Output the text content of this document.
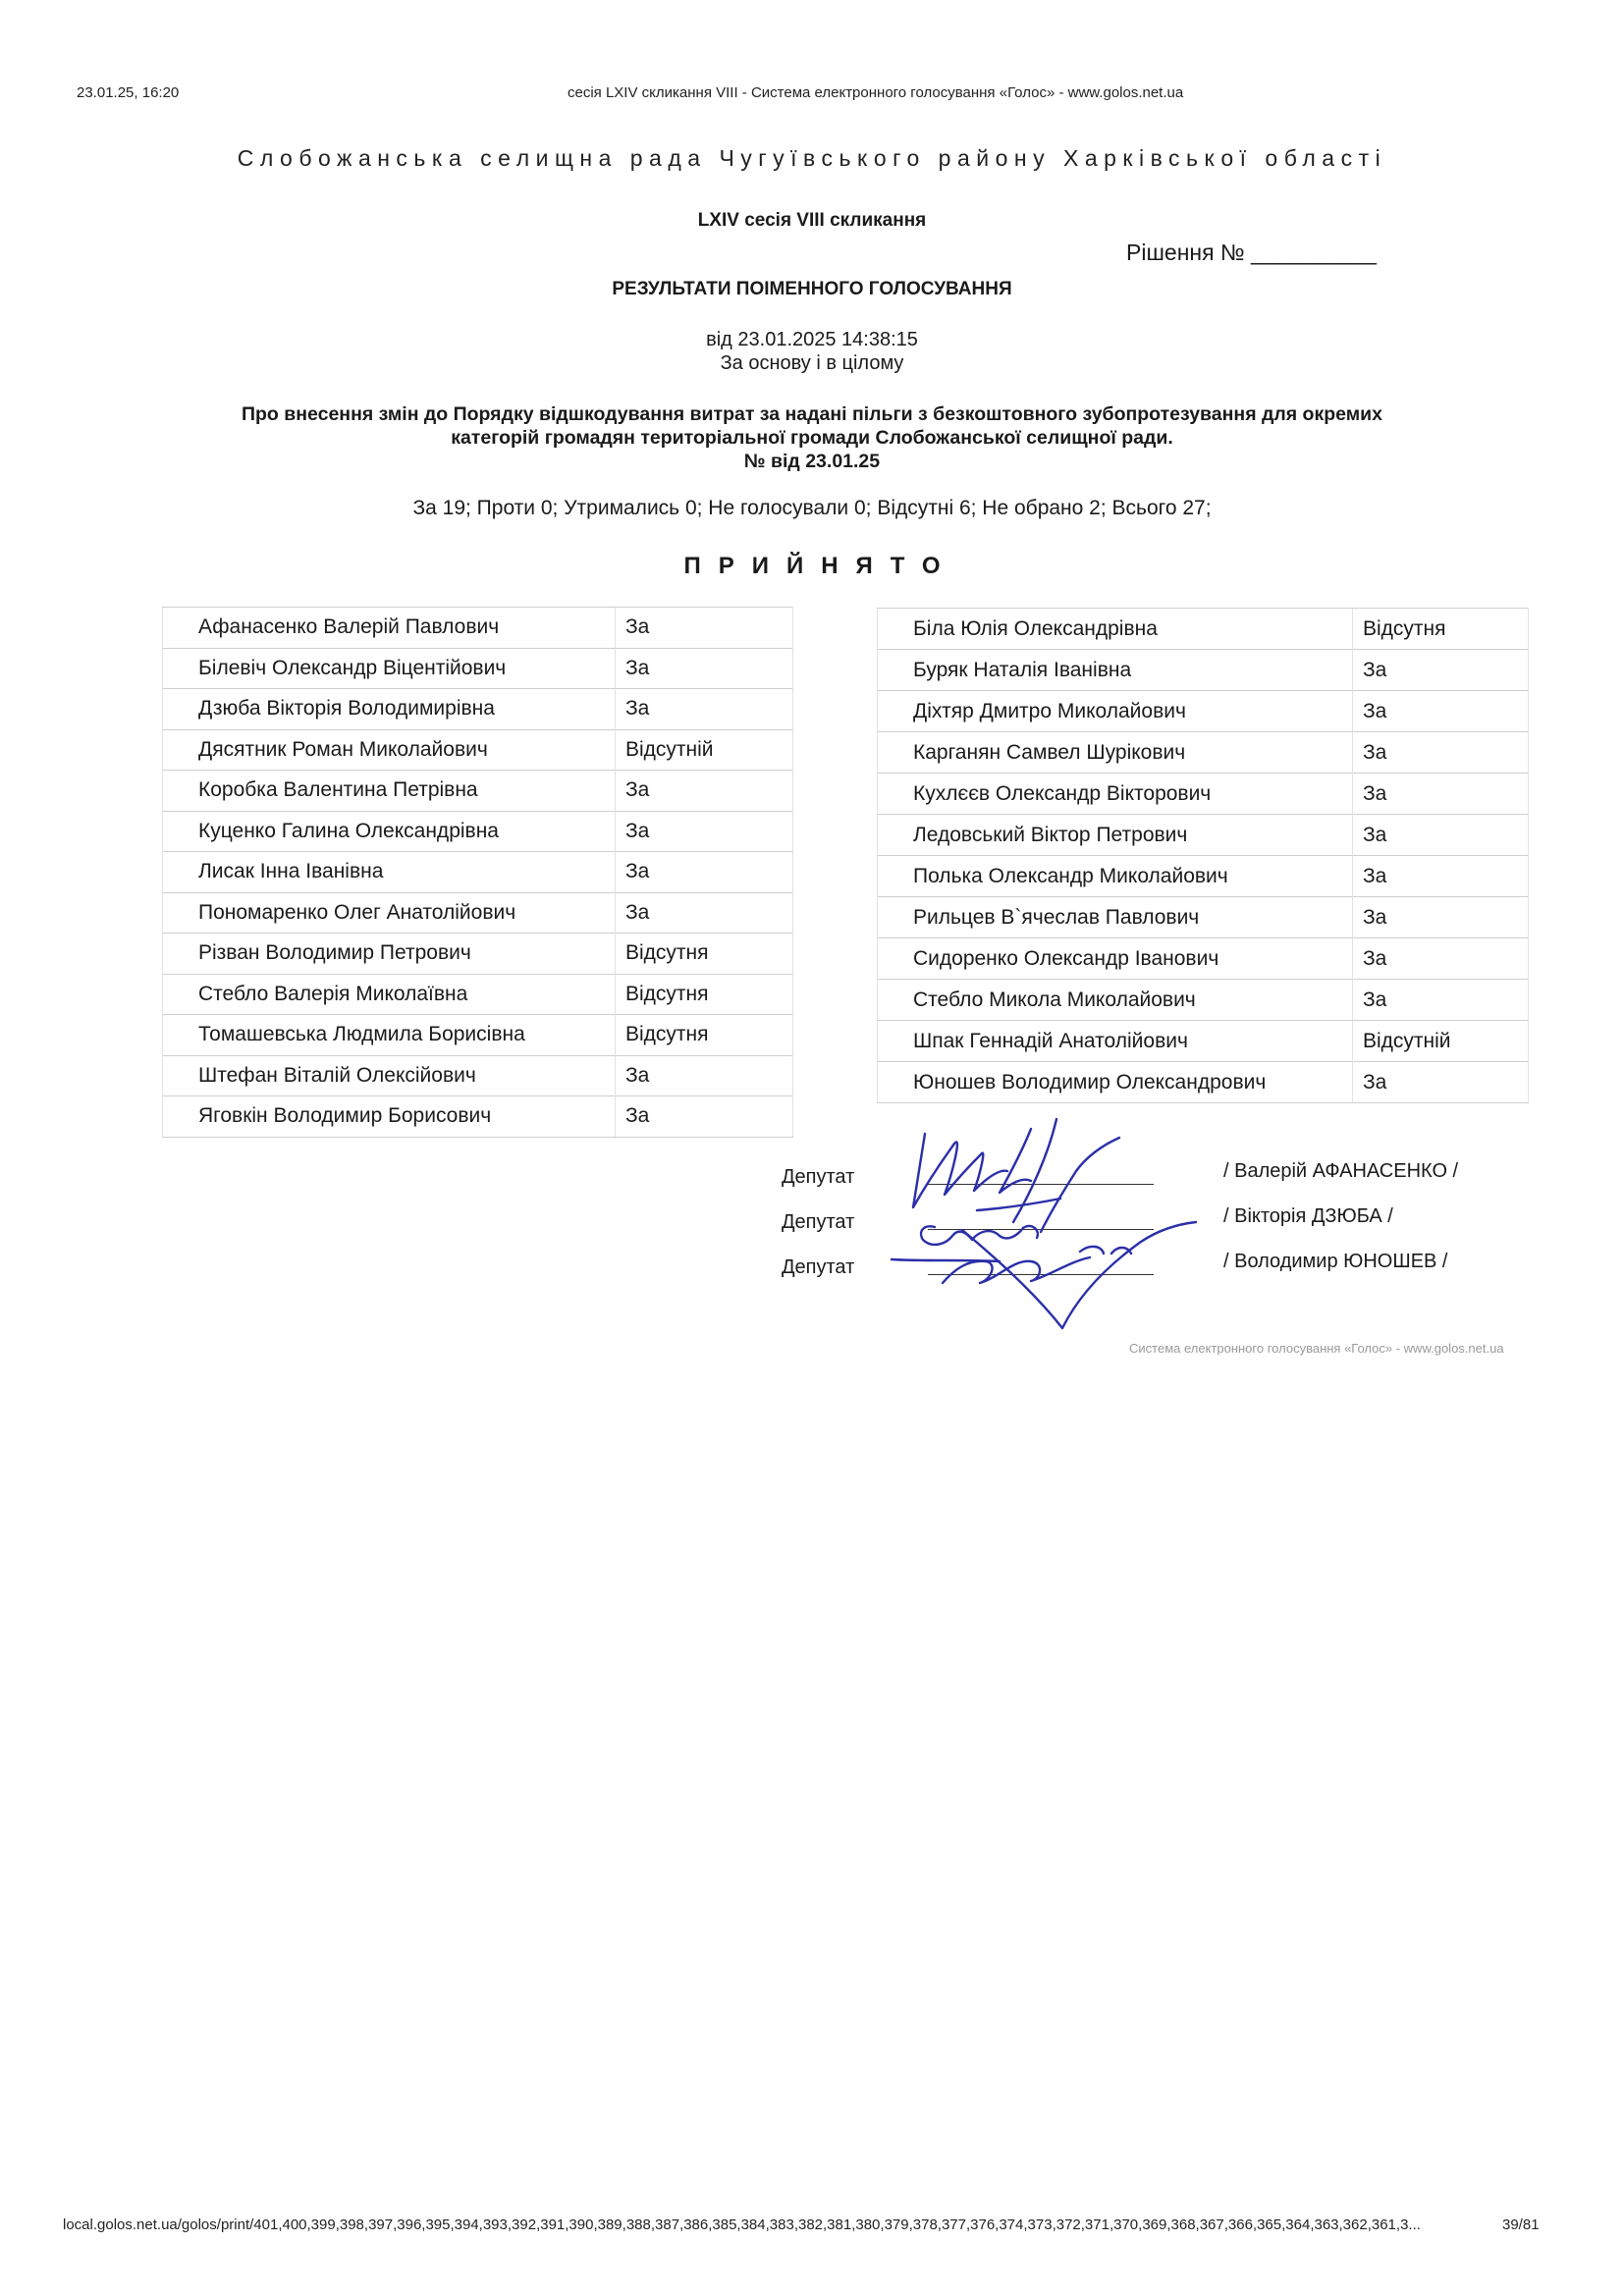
23.01.25, 16:20	сесія LXIV скликання VIII - Система електронного голосування «Голос» - www.golos.net.ua
Слобожанська селищна рада Чугуївського району Харківської області
LXIV сесія VIII скликання
Рішення № __________
РЕЗУЛЬТАТИ ПОІМЕННОГО ГОЛОСУВАННЯ
від 23.01.2025 14:38:15
За основу і в цілому
Про внесення змін до Порядку відшкодування витрат за надані пільги з безкоштовного зубопротезування для окремих
категорій громадян територіальної громади Слобожанської селищної ради.
№ від 23.01.25
За 19; Проти 0; Утримались 0; Не голосували 0; Відсутні 6; Не обрано 2; Всього 27;
ПРИЙНЯТО
Афанасенко Валерій Павлович	За
Білевіч Олександр Віцентійович	За
Дзюба Вікторія Володимирівна	За
Дясятник Роман Миколайович	Відсутній
Коробка Валентина Петрівна	За
Куценко Галина Олександрівна	За
Лисак Інна Іванівна	За
Пономаренко Олег Анатолійович	За
Різван Володимир Петрович	Відсутня
Стебло Валерія Миколаївна	Відсутня
Томашевська Людмила Борисівна	Відсутня
Штефан Віталій Олексійович	За
Яговкін Володимир Борисович	За
Біла Юлія Олександрівна	Відсутня
Буряк Наталія Іванівна	За
Діхтяр Дмитро Миколайович	За
Карганян Самвел Шурікович	За
Кухлєєв Олександр Вікторович	За
Ледовський Віктор Петрович	За
Полька Олександр Миколайович	За
Рильцев В`ячеслав Павлович	За
Сидоренко Олександр Іванович	За
Стебло Микола Миколайович	За
Шпак Геннадій Анатолійович	Відсутній
Юношев Володимир Олександрович	За
Депутат
Депутат
Депутат
/ Валерій АФАНАСЕНКО /
/ Вікторія ДЗЮБА /
/ Володимир ЮНОШЕВ /
Система електронного голосування «Голос» - www.golos.net.ua
local.golos.net.ua/golos/print/401,400,399,398,397,396,395,394,393,392,391,390,389,388,387,386,385,384,383,382,381,380,379,378,377,376,374,373,372,371,370,369,368,367,366,365,364,363,362,361,3...	39/81
